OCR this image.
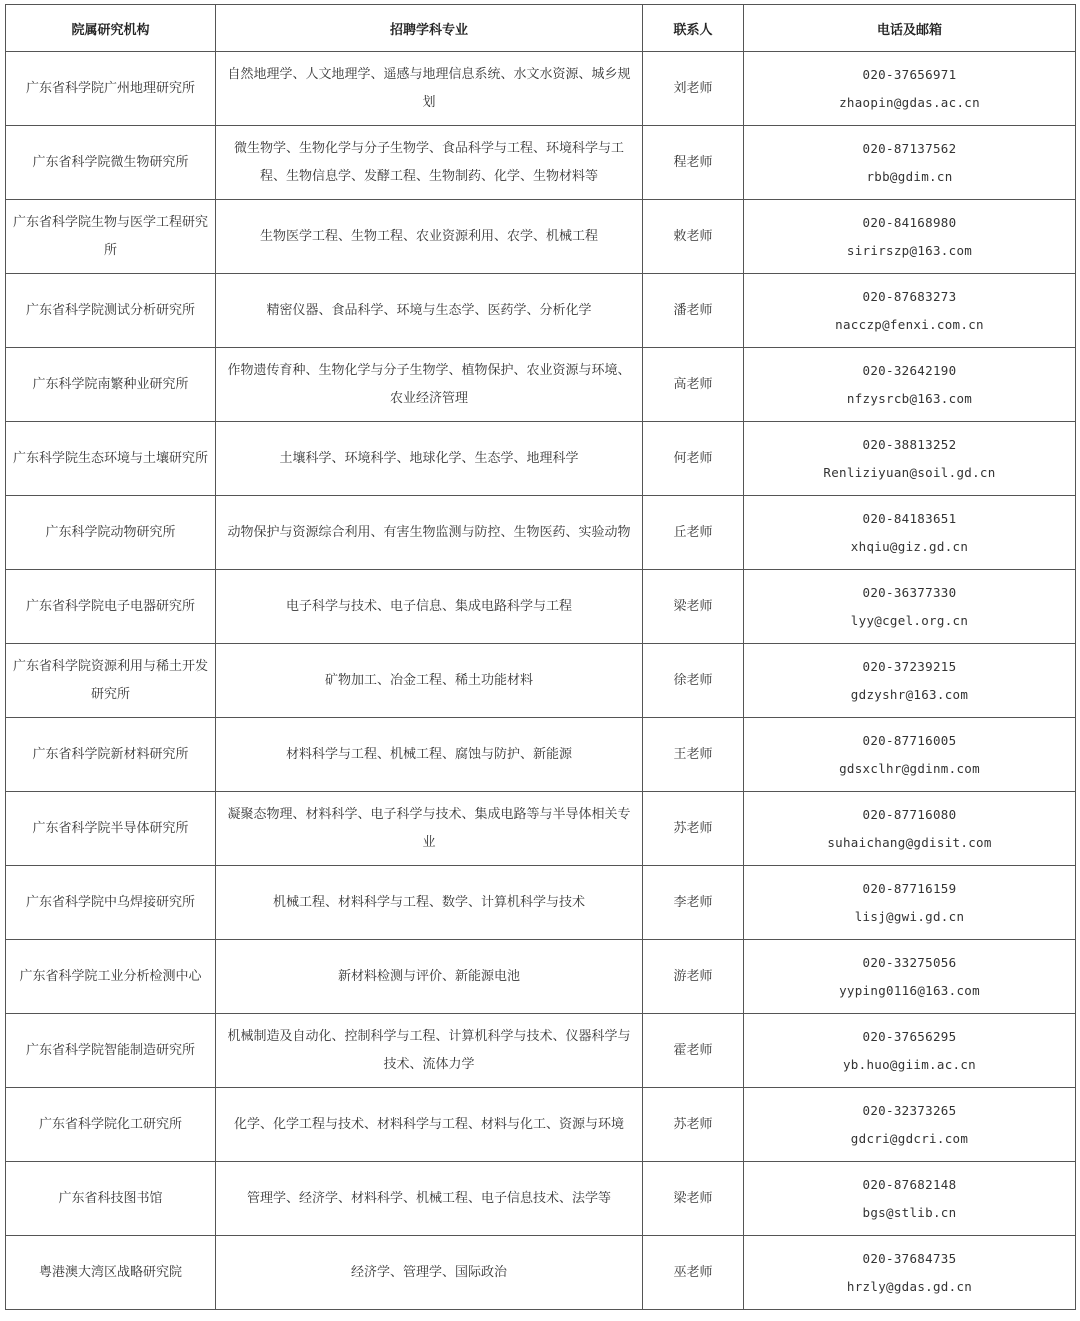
院属研究机构	招聘学科专业	联系人	电话及邮箱
广东省科学院广州地理研究所	自然地理学、人文地理学、遥感与地理信息系统、水文水资源、城乡规划	刘老师	020-37656971
zhaopin@gdas.ac.cn

广东省科学院微生物研究所	微生物学、生物化学与分子生物学、食品科学与工程、环境科学与工程、生物信息学、发酵工程、生物制药、化学、生物材料等	程老师	020-87137562
rbb@gdim.cn

广东省科学院生物与医学工程研究所	生物医学工程、生物工程、农业资源利用、农学、机械工程	敕老师	020-84168980
sirirszp@163.com

广东省科学院测试分析研究所	精密仪器、食品科学、环境与生态学、医药学、分析化学	潘老师	020-87683273
nacczp@fenxi.com.cn

广东科学院南繁种业研究所	作物遗传育种、生物化学与分子生物学、植物保护、农业资源与环境、农业经济管理	高老师	020-32642190
nfzysrcb@163.com

广东科学院生态环境与土壤研究所	土壤科学、环境科学、地球化学、生态学、地理科学	何老师	020-38813252
Renliziyuan@soil.gd.cn

广东科学院动物研究所	动物保护与资源综合利用、有害生物监测与防控、生物医药、实验动物	丘老师	020-84183651
xhqiu@giz.gd.cn

广东省科学院电子电器研究所	电子科学与技术、电子信息、集成电路科学与工程	梁老师	020-36377330
lyy@cgel.org.cn

广东省科学院资源利用与稀土开发研究所	矿物加工、冶金工程、稀土功能材料	徐老师	020-37239215
gdzyshr@163.com

广东省科学院新材料研究所	材料科学与工程、机械工程、腐蚀与防护、新能源	王老师	020-87716005
gdsxclhr@gdinm.com

广东省科学院半导体研究所	凝聚态物理、材料科学、电子科学与技术、集成电路等与半导体相关专业	苏老师	020-87716080
suhaichang@gdisit.com

广东省科学院中乌焊接研究所	机械工程、材料科学与工程、数学、计算机科学与技术	李老师	020-87716159
lisj@gwi.gd.cn

广东省科学院工业分析检测中心	新材料检测与评价、新能源电池	游老师	020-33275056
yyping0116@163.com

广东省科学院智能制造研究所	机械制造及自动化、控制科学与工程、计算机科学与技术、仪器科学与技术、流体力学	霍老师	020-37656295
yb.huo@giim.ac.cn

广东省科学院化工研究所	化学、化学工程与技术、材料科学与工程、材料与化工、资源与环境	苏老师	020-32373265
gdcri@gdcri.com

广东省科技图书馆	管理学、经济学、材料科学、机械工程、电子信息技术、法学等	梁老师	020-87682148
bgs@stlib.cn

粤港澳大湾区战略研究院	经济学、管理学、国际政治	巫老师	020-37684735
hrzly@gdas.gd.cn
